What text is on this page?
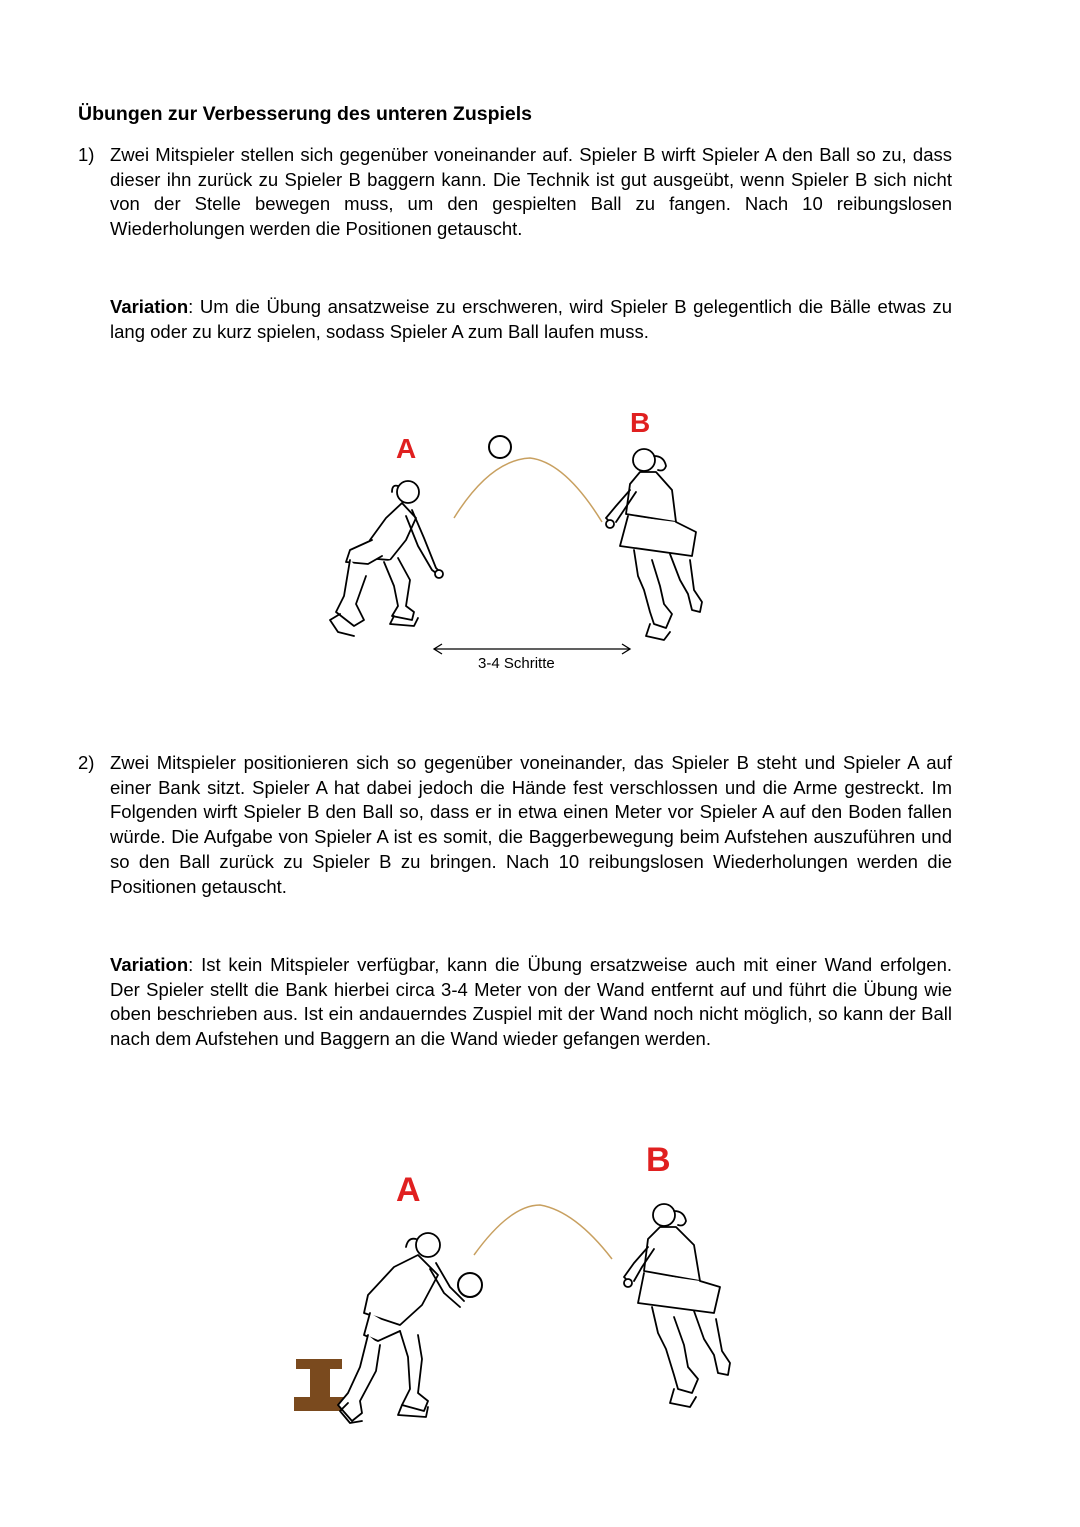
Übungen zur Verbesserung des unteren Zuspiels
1) Zwei Mitspieler stellen sich gegenüber voneinander auf. Spieler B wirft Spieler A den Ball so zu, dass dieser ihn zurück zu Spieler B baggern kann. Die Technik ist gut ausgeübt, wenn Spieler B sich nicht von der Stelle bewegen muss, um den gespielten Ball zu fangen. Nach 10 reibungslosen Wiederholungen werden die Positionen getauscht.
Variation: Um die Übung ansatzweise zu erschweren, wird Spieler B gelegentlich die Bälle etwas zu lang oder zu kurz spielen, sodass Spieler A zum Ball laufen muss.
A
B
3-4 Schritte
2) Zwei Mitspieler positionieren sich so gegenüber voneinander, das Spieler B steht und Spieler A auf einer Bank sitzt. Spieler A hat dabei jedoch die Hände fest verschlossen und die Arme gestreckt. Im Folgenden wirft Spieler B den Ball so, dass er in etwa einen Meter vor Spieler A auf den Boden fallen würde. Die Aufgabe von Spieler A ist es somit, die Baggerbewegung beim Aufstehen auszuführen und so den Ball zurück zu Spieler B zu bringen. Nach 10 reibungslosen Wiederholungen werden die Positionen getauscht.
Variation: Ist kein Mitspieler verfügbar, kann die Übung ersatzweise auch mit einer Wand erfolgen. Der Spieler stellt die Bank hierbei circa 3-4 Meter von der Wand entfernt auf und führt die Übung wie oben beschrieben aus. Ist ein andauerndes Zuspiel mit der Wand noch nicht möglich, so kann der Ball nach dem Aufstehen und Baggern an die Wand wieder gefangen werden.
A
B
